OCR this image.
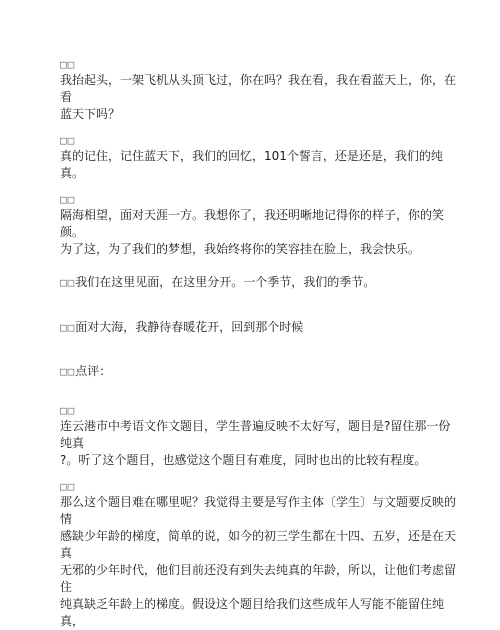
□□
我抬起头，一架飞机从头顶飞过，你在吗？我在看，我在看蓝天上，你，在看
蓝天下吗？
□□
真的记住，记住蓝天下，我们的回忆，101个誓言，还是还是，我们的纯真。
□□
隔海相望，面对天涯一方。我想你了，我还明晰地记得你的样子，你的笑颜。
为了这，为了我们的梦想，我始终将你的笑容挂在脸上，我会快乐。
□□我们在这里见面，在这里分开。一个季节，我们的季节。
□□面对大海，我静待春暖花开，回到那个时候
□□点评：
□□
连云港市中考语文作文题目，学生普遍反映不太好写，题目是?留住那一份纯真
?。听了这个题目，也感觉这个题目有难度，同时也出的比较有程度。
□□
那么这个题目难在哪里呢？我觉得主要是写作主体〔学生〕与文题要反映的情
感缺少年龄的梯度，简单的说，如今的初三学生都在十四、五岁，还是在天真
无邪的少年时代，他们目前还没有到失去纯真的年龄，所以，让他们考虑留住
纯真缺乏年龄上的梯度。假设这个题目给我们这些成年人写能不能留住纯真，
